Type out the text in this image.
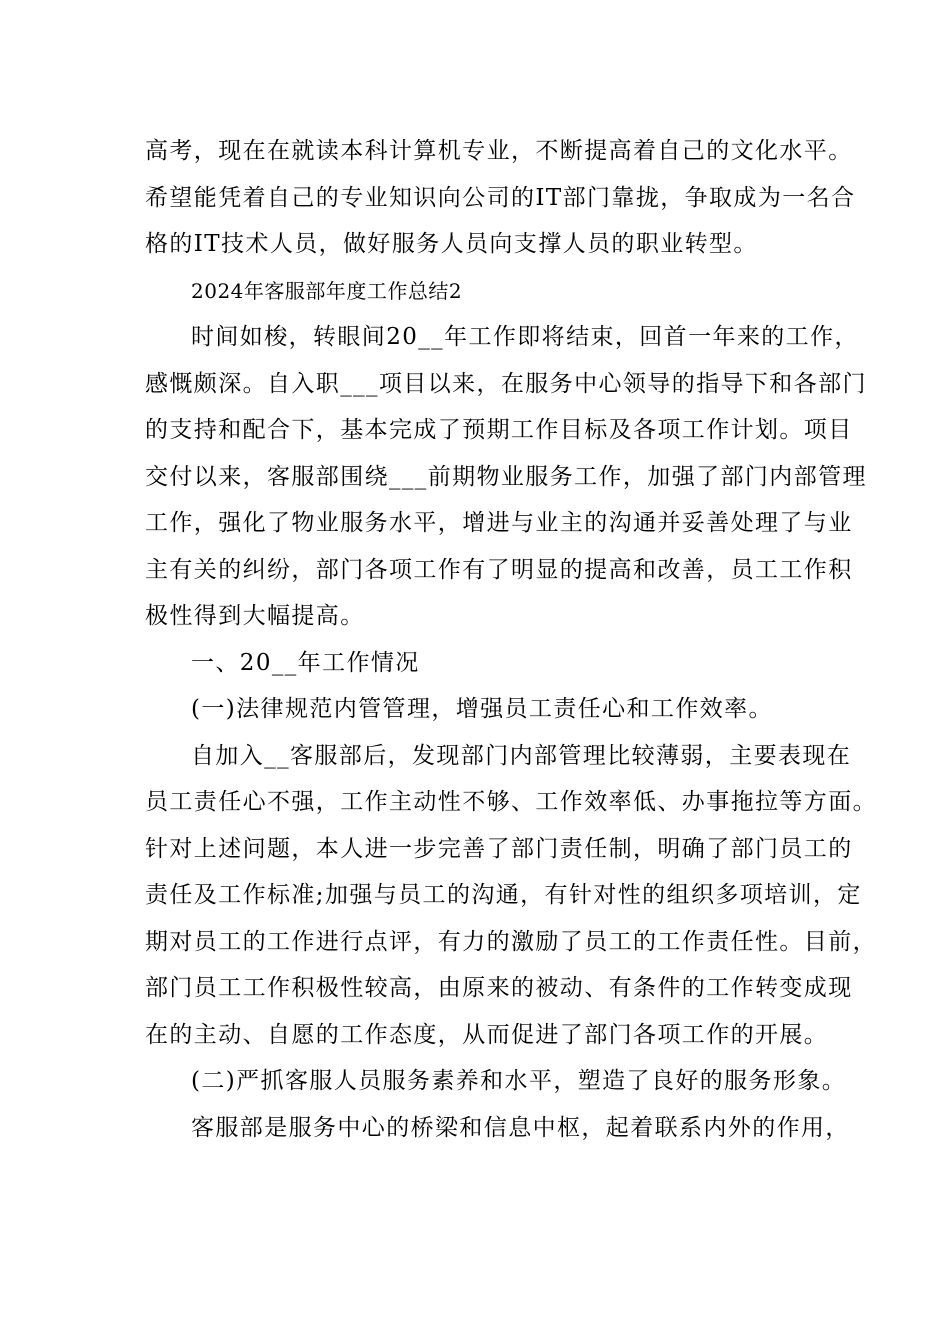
高考，现在在就读本科计算机专业，不断提高着自己的文化水平。
希望能凭着自己的专业知识向公司的IT部门靠拢，争取成为一名合
格的IT技术人员，做好服务人员向支撑人员的职业转型。
2024年客服部年度工作总结2
时间如梭，转眼间20__年工作即将结束，回首一年来的工作，
感慨颇深。自入职___项目以来，在服务中心领导的指导下和各部门
的支持和配合下，基本完成了预期工作目标及各项工作计划。项目
交付以来，客服部围绕___前期物业服务工作，加强了部门内部管理
工作，强化了物业服务水平，增进与业主的沟通并妥善处理了与业
主有关的纠纷，部门各项工作有了明显的提高和改善，员工工作积
极性得到大幅提高。
一、20__年工作情况
(一)法律规范内管管理，增强员工责任心和工作效率。
自加入__客服部后，发现部门内部管理比较薄弱，主要表现在
员工责任心不强，工作主动性不够、工作效率低、办事拖拉等方面。
针对上述问题，本人进一步完善了部门责任制，明确了部门员工的
责任及工作标准;加强与员工的沟通，有针对性的组织多项培训，定
期对员工的工作进行点评，有力的激励了员工的工作责任性。目前，
部门员工工作积极性较高，由原来的被动、有条件的工作转变成现
在的主动、自愿的工作态度，从而促进了部门各项工作的开展。
(二)严抓客服人员服务素养和水平，塑造了良好的服务形象。
客服部是服务中心的桥梁和信息中枢，起着联系内外的作用，
